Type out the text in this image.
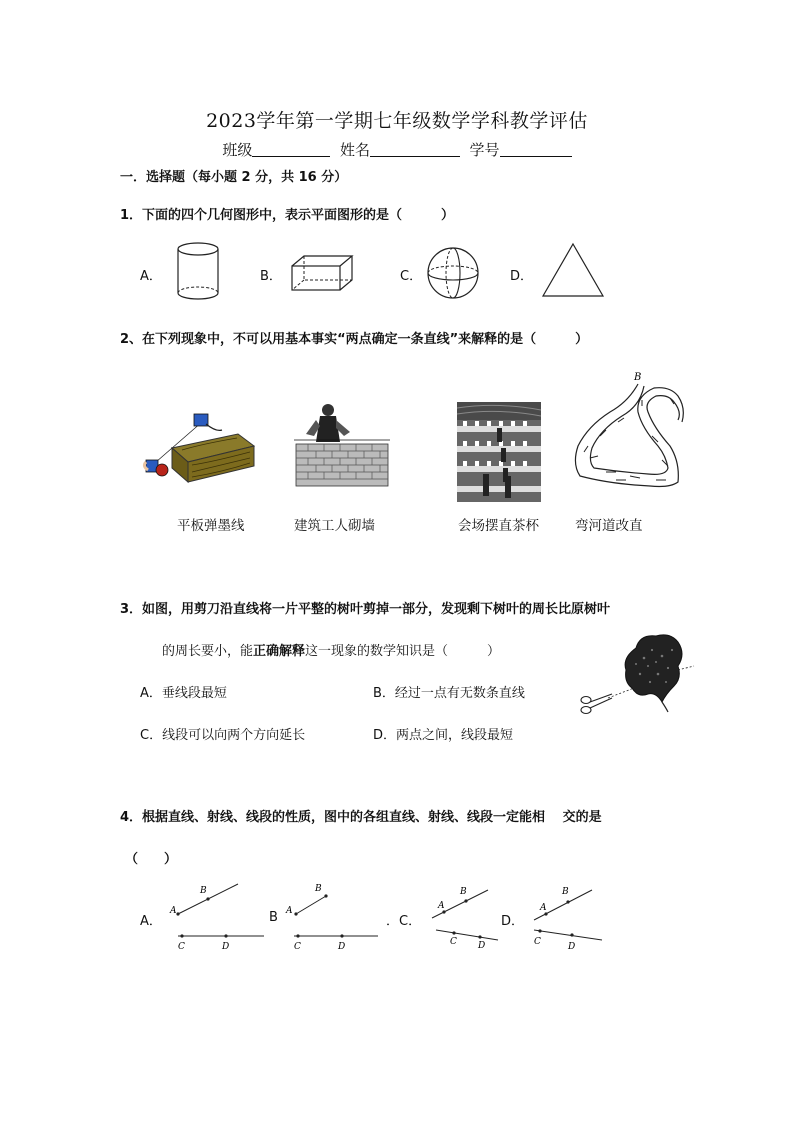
2023学年第一学期七年级数学学科教学评估
班级	姓名	学号
一．选择题（每小题 2 分，共 16 分）
1．下面的四个几何图形中，表示平面图形的是（　　　）
A．	B．	C．	D．
2、在下列现象中，不可以用基本事实“两点确定一条直线”来解释的是（　　　）
B
平板弹墨线	建筑工人砌墙	会场摆直茶杯	弯河道改直
3．如图，用剪刀沿直线将一片平整的树叶剪掉一部分，发现剩下树叶的周长比原树叶
的周长要小，能正确解释这一现象的数学知识是（　　　）
A．垂线段最短	B．经过一点有无数条直线
C．线段可以向两个方向延长	D．两点之间，线段最短
4．根据直线、射线、线段的性质，图中的各组直线、射线、线段一定能相　 交的是
（　　）
A．
A
B
C	D
B A
B
C	D
．C．
A
B
C D
D．
A
B
C	D
